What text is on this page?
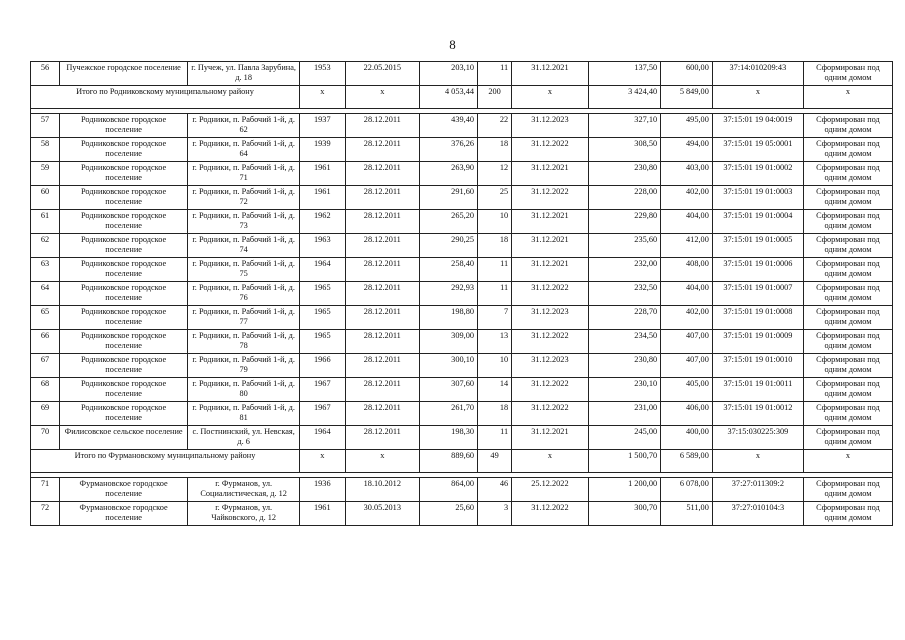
8
56	Пучежское городское поселение	г. Пучеж, ул. Павла Зарубина, д. 18	1953	22.05.2015	203,10	11	31.12.2021	137,50	600,00	37:14:010209:43	Сформирован под одним домом
Итого по Родниковскому муниципальному району			x	x	4 053,44	200	x	3 424,40	5 849,00	x	x

57	Родниковское городское поселение	г. Родники, п. Рабочий 1-й, д. 62	1937	28.12.2011	439,40	22	31.12.2023	327,10	495,00	37:15:01 19 04:0019	Сформирован под одним домом
58	Родниковское городское поселение	г. Родники, п. Рабочий 1-й, д. 64	1939	28.12.2011	376,26	18	31.12.2022	308,50	494,00	37:15:01 19 05:0001	Сформирован под одним домом
59	Родниковское городское поселение	г. Родники, п. Рабочий 1-й, д. 71	1961	28.12.2011	263,90	12	31.12.2021	230,80	403,00	37:15:01 19 01:0002	Сформирован под одним домом
60	Родниковское городское поселение	г. Родники, п. Рабочий 1-й, д. 72	1961	28.12.2011	291,60	25	31.12.2022	228,00	402,00	37:15:01 19 01:0003	Сформирован под одним домом
61	Родниковское городское поселение	г. Родники, п. Рабочий 1-й, д. 73	1962	28.12.2011	265,20	10	31.12.2021	229,80	404,00	37:15:01 19 01:0004	Сформирован под одним домом
62	Родниковское городское поселение	г. Родники, п. Рабочий 1-й, д. 74	1963	28.12.2011	290,25	18	31.12.2021	235,60	412,00	37:15:01 19 01:0005	Сформирован под одним домом
63	Родниковское городское поселение	г. Родники, п. Рабочий 1-й, д. 75	1964	28.12.2011	258,40	11	31.12.2021	232,00	408,00	37:15:01 19 01:0006	Сформирован под одним домом
64	Родниковское городское поселение	г. Родники, п. Рабочий 1-й, д. 76	1965	28.12.2011	292,93	11	31.12.2022	232,50	404,00	37:15:01 19 01:0007	Сформирован под одним домом
65	Родниковское городское поселение	г. Родники, п. Рабочий 1-й, д. 77	1965	28.12.2011	198,80	7	31.12.2023	228,70	402,00	37:15:01 19 01:0008	Сформирован под одним домом
66	Родниковское городское поселение	г. Родники, п. Рабочий 1-й, д. 78	1965	28.12.2011	309,00	13	31.12.2022	234,50	407,00	37:15:01 19 01:0009	Сформирован под одним домом
67	Родниковское городское поселение	г. Родники, п. Рабочий 1-й, д. 79	1966	28.12.2011	300,10	10	31.12.2023	230,80	407,00	37:15:01 19 01:0010	Сформирован под одним домом
68	Родниковское городское поселение	г. Родники, п. Рабочий 1-й, д. 80	1967	28.12.2011	307,60	14	31.12.2022	230,10	405,00	37:15:01 19 01:0011	Сформирован под одним домом
69	Родниковское городское поселение	г. Родники, п. Рабочий 1-й, д. 81	1967	28.12.2011	261,70	18	31.12.2022	231,00	406,00	37:15:01 19 01:0012	Сформирован под одним домом
70	Филисовское сельское поселение	с. Постнинский, ул. Невская, д. 6	1964	28.12.2011	198,30	11	31.12.2021	245,00	400,00	37:15:030225:309	Сформирован под одним домом
Итого по Фурмановскому муниципальному району			x	x	889,60	49	x	1 500,70	6 589,00	x	x

71	Фурмановское городское поселение	г. Фурманов, ул. Социалистическая, д. 12	1936	18.10.2012	864,00	46	25.12.2022	1 200,00	6 078,00	37:27:011309:2	Сформирован под одним домом
72	Фурмановское городское поселение	г. Фурманов, ул. Чайковского, д. 12	1961	30.05.2013	25,60	3	31.12.2022	300,70	511,00	37:27:010104:3	Сформирован под одним домом
